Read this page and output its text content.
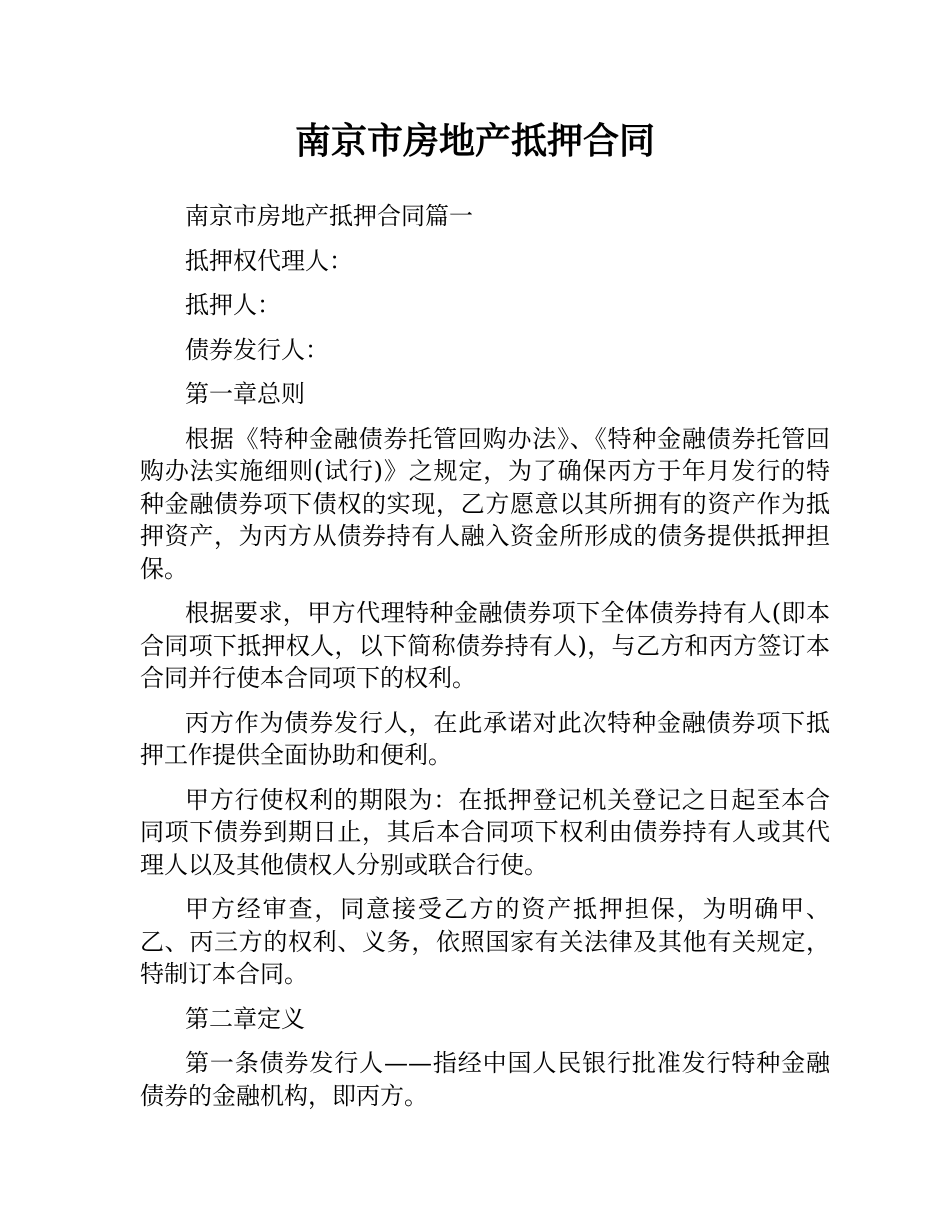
南京市房地产抵押合同

南京市房地产抵押合同篇一

抵押权代理人：

抵押人：

债券发行人：

第一章总则

根据《特种金融债券托管回购办法》、《特种金融债券托管回购办法实施细则(试行)》之规定，为了确保丙方于年月发行的特种金融债券项下债权的实现，乙方愿意以其所拥有的资产作为抵押资产，为丙方从债券持有人融入资金所形成的债务提供抵押担保。

根据要求，甲方代理特种金融债券项下全体债券持有人(即本合同项下抵押权人，以下简称债券持有人)，与乙方和丙方签订本合同并行使本合同项下的权利。

丙方作为债券发行人，在此承诺对此次特种金融债券项下抵押工作提供全面协助和便利。

甲方行使权利的期限为：在抵押登记机关登记之日起至本合同项下债券到期日止，其后本合同项下权利由债券持有人或其代理人以及其他债权人分别或联合行使。

甲方经审查，同意接受乙方的资产抵押担保，为明确甲、乙、丙三方的权利、义务，依照国家有关法律及其他有关规定，特制订本合同。

第二章定义

第一条债券发行人——指经中国人民银行批准发行特种金融债券的金融机构，即丙方。
